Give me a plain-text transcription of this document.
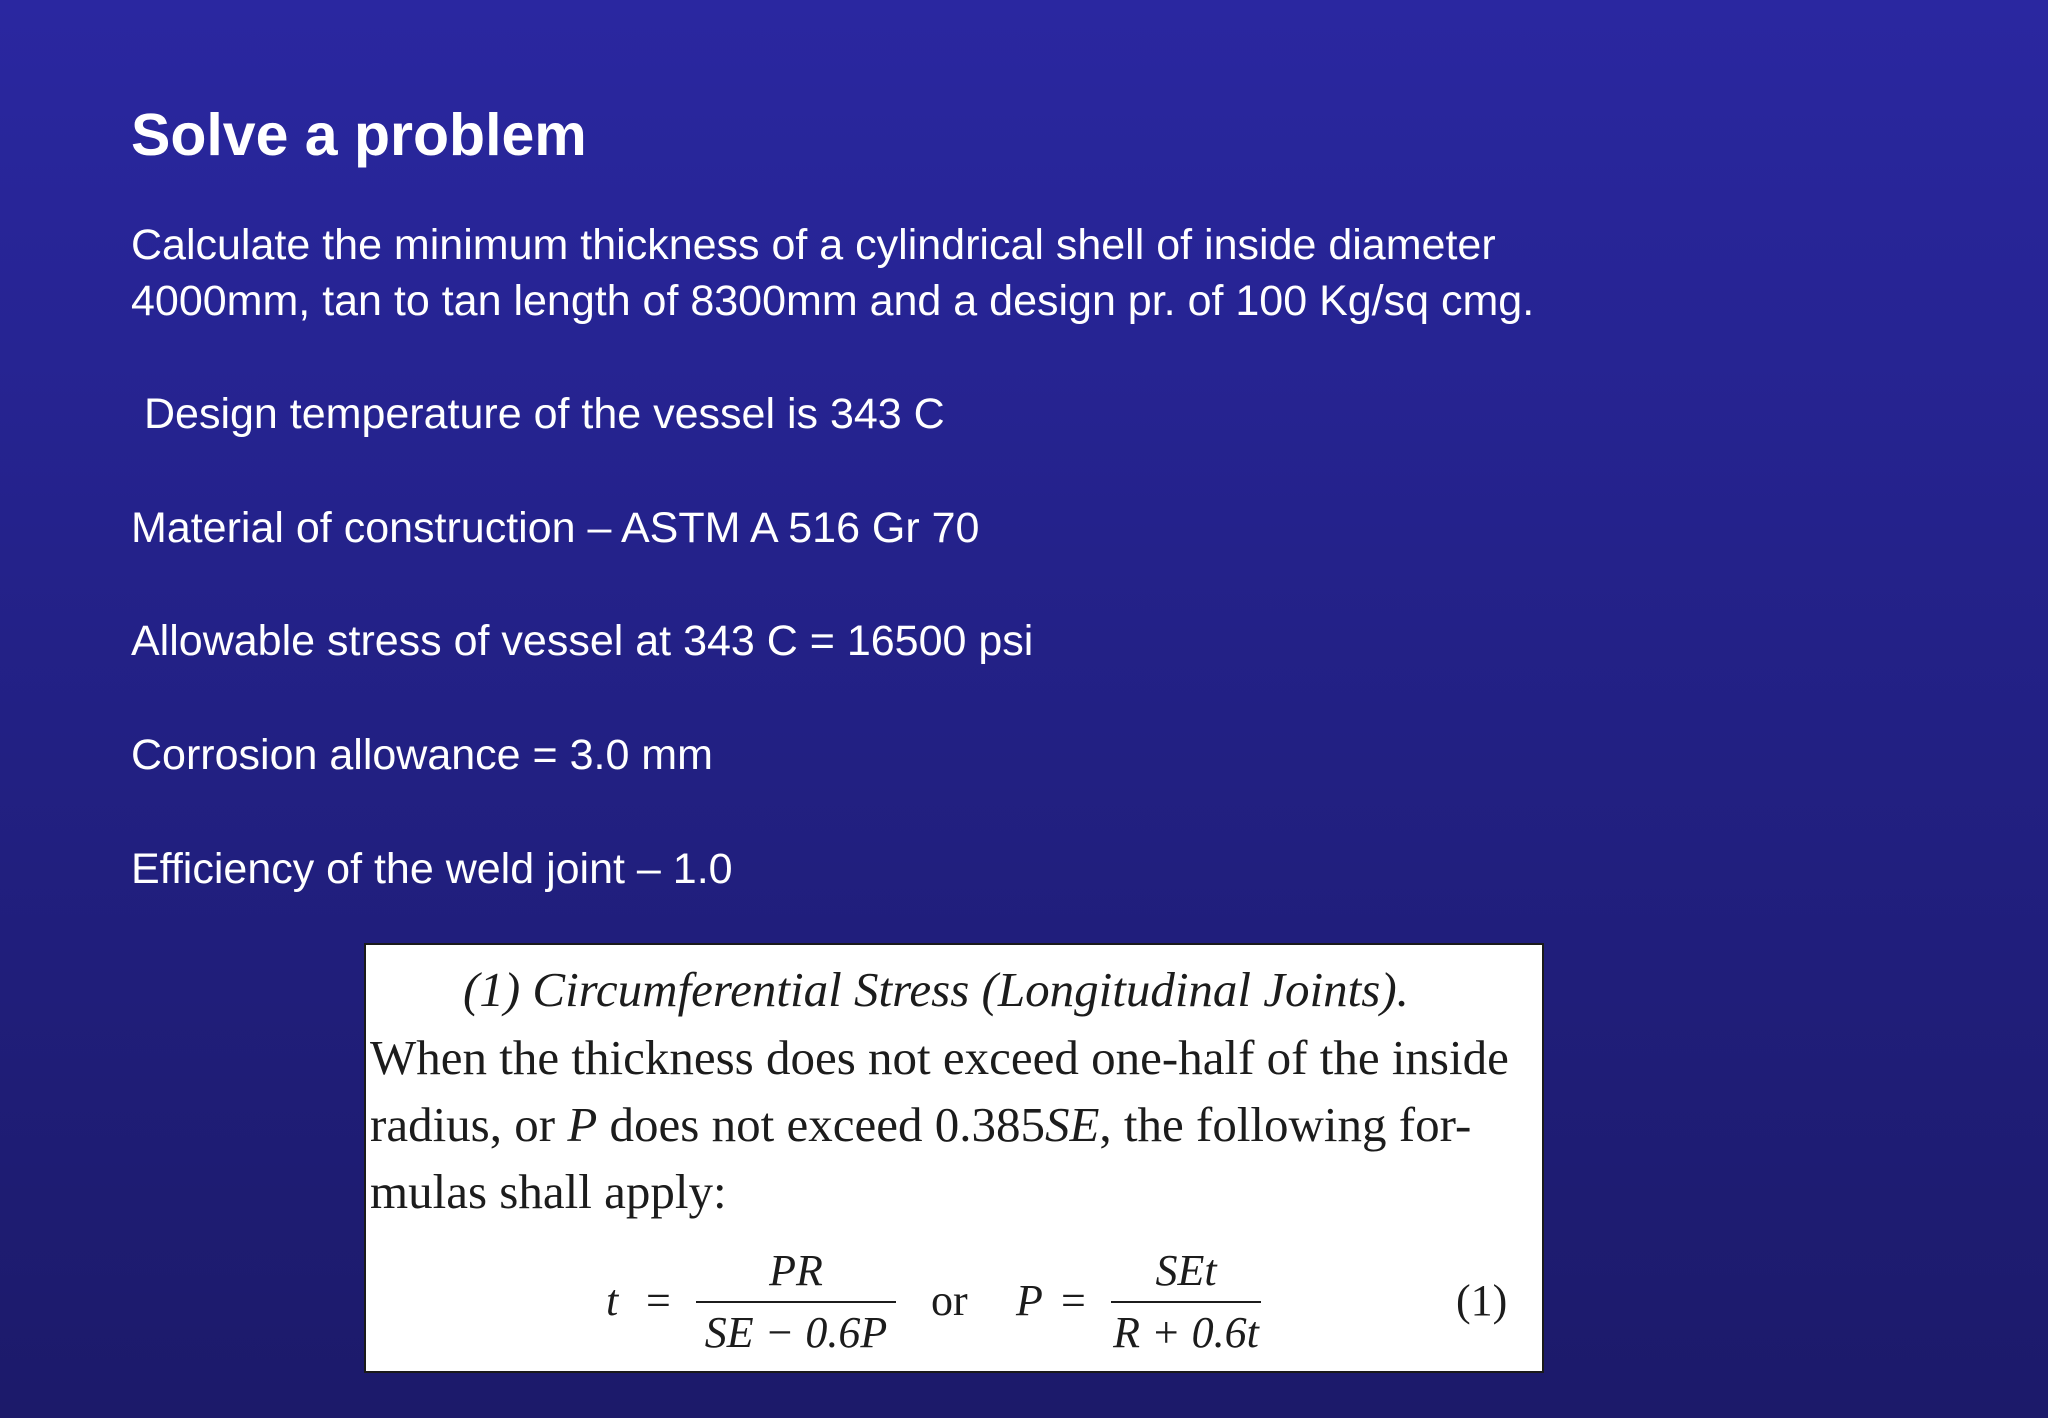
Solve a problem
Calculate the minimum thickness of a cylindrical shell of inside diameter
4000mm, tan to tan length of 8300mm and a design pr. of 100 Kg/sq cmg.

Design temperature of the vessel is 343 C

Material of construction – ASTM A 516 Gr 70

Allowable stress of vessel at 343 C = 16500 psi

Corrosion allowance = 3.0 mm

Efficiency of the weld joint – 1.0

(1) Circumferential Stress (Longitudinal Joints).

When the thickness does not exceed one-half of the inside

radius, or P does not exceed 0.385SE, the following for-

mulas shall apply:

t =
PR
SE − 0.6P
or P =
SEt
R + 0.6t
(1)
